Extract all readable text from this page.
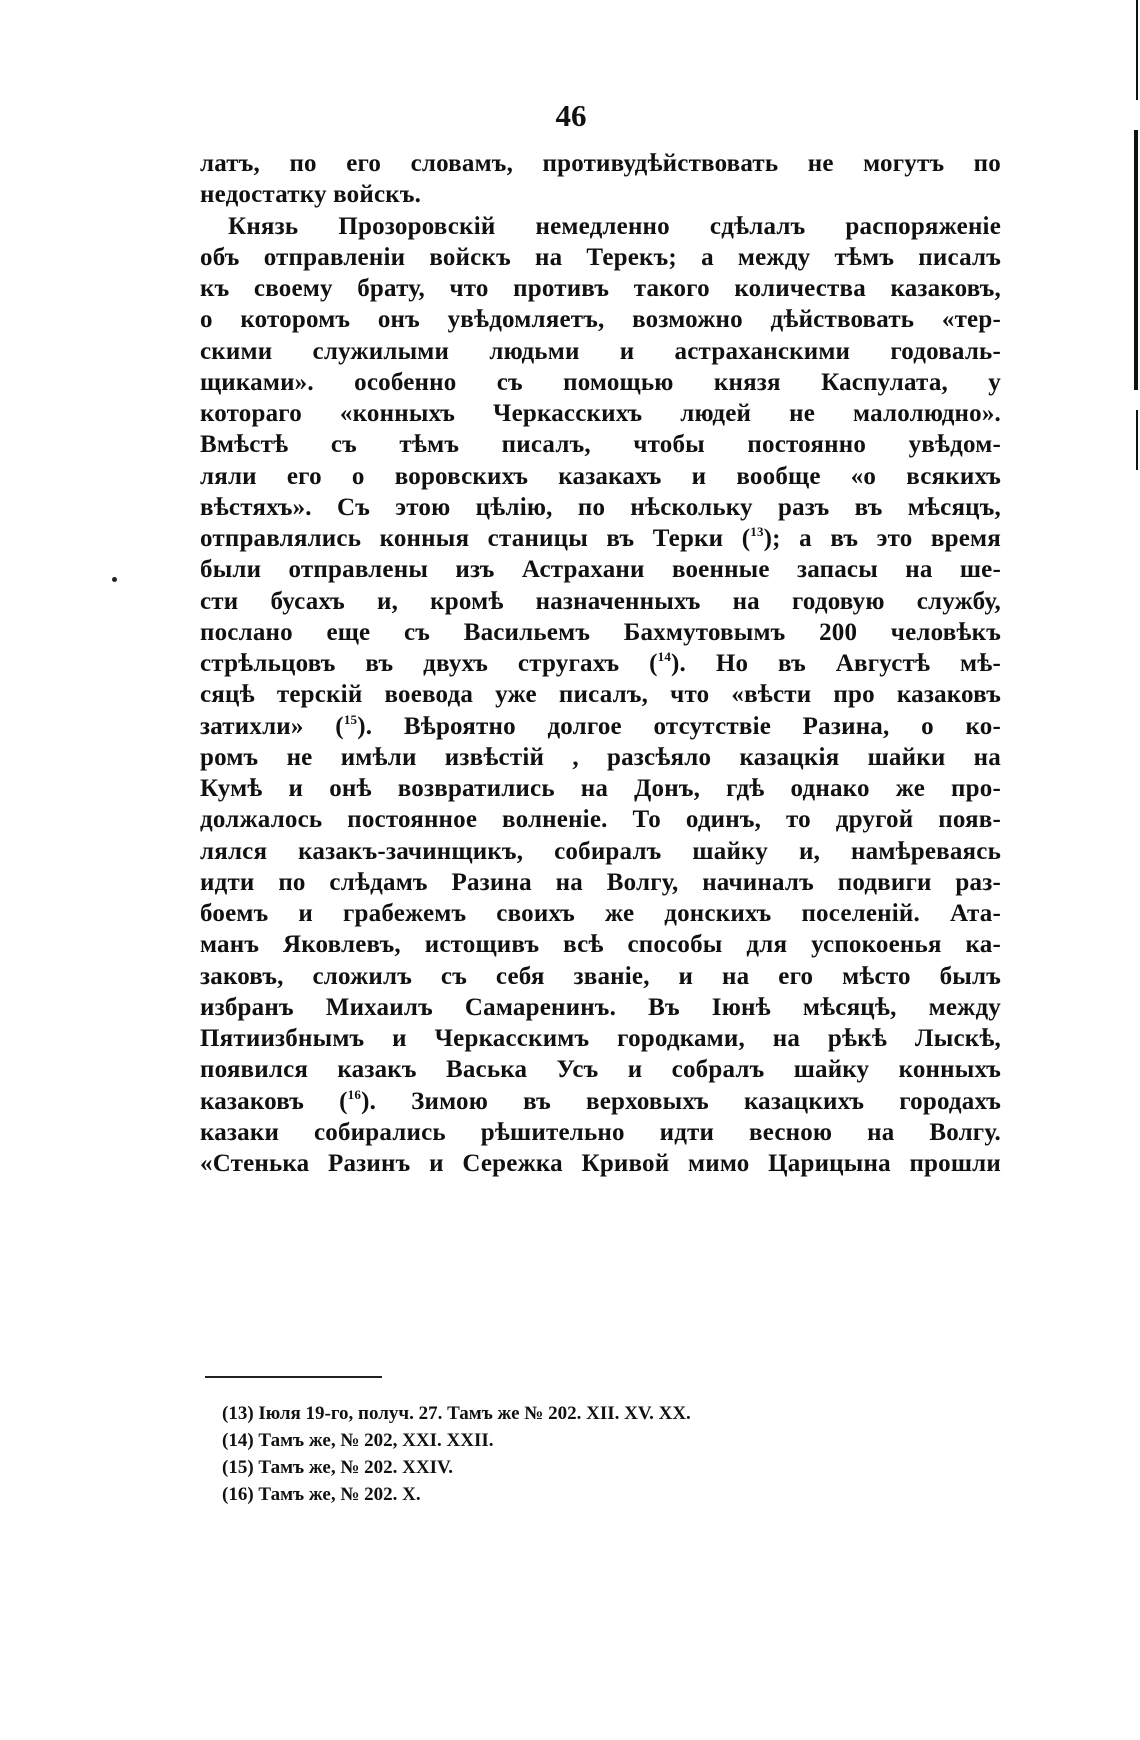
46
латъ, по его словамъ, противудѣйствовать не могутъ по
недостатку войскъ.
Князь Прозоровскій немедленно сдѣлалъ распоряженіе
объ отправленіи войскъ на Терекъ; а между тѣмъ писалъ
къ своему брату, что противъ такого количества казаковъ,
о которомъ онъ увѣдомляетъ, возможно дѣйствовать «тер-
скими служилыми людьми и астраханскими годоваль-
щиками». особенно съ помощью князя Каспулата, у
котораго «конныхъ Черкасскихъ людей не малолюдно».
Вмѣстѣ съ тѣмъ писалъ, чтобы постоянно увѣдом-
ляли его о воровскихъ казакахъ и вообще «о всякихъ
вѣстяхъ». Съ этою цѣлію, по нѣскольку разъ въ мѣсяцъ,
отправлялись конныя станицы въ Терки ($^{13}$); а въ это время
были отправлены изъ Астрахани военные запасы на ше-
сти бусахъ и, кромѣ назначенныхъ на годовую службу,
послано еще съ Васильемъ Бахмутовымъ 200 человѣкъ
стрѣльцовъ въ двухъ стругахъ ($^{14}$). Но въ Августѣ мѣ-
сяцѣ терскій воевода уже писалъ, что «вѣсти про казаковъ
затихли» ($^{15}$). Вѣроятно долгое отсутствіе Разина, о ко-
ромъ не имѣли извѣстій , разсѣяло казацкія шайки на
Кумѣ и онѣ возвратились на Донъ, гдѣ однако же про-
должалось постоянное волненіе. То одинъ, то другой появ-
лялся казакъ-зачинщикъ, собиралъ шайку и, намѣреваясь
идти по слѣдамъ Разина на Волгу, начиналъ подвиги раз-
боемъ и грабежемъ своихъ же донскихъ поселеній. Ата-
манъ Яковлевъ, истощивъ всѣ способы для успокоенья ка-
заковъ, сложилъ съ себя званіе, и на его мѣсто былъ
избранъ Михаилъ Самаренинъ. Въ Іюнѣ мѣсяцѣ, между
Пятиизбнымъ и Черкасскимъ городками, на рѣкѣ Лыскѣ,
появился казакъ Васька Усъ и собралъ шайку конныхъ
казаковъ ($^{16}$). Зимою въ верховыхъ казацкихъ городахъ
казаки собирались рѣшительно идти весною на Волгу.
«Стенька Разинъ и Сережка Кривой мимо Царицына прошли
(13) Іюля 19-го, получ. 27. Тамъ же № 202. XII. XV. XX.
(14) Тамъ же, № 202, XXI. XXII.
(15) Тамъ же, № 202. XXIV.
(16) Тамъ же, № 202. X.
